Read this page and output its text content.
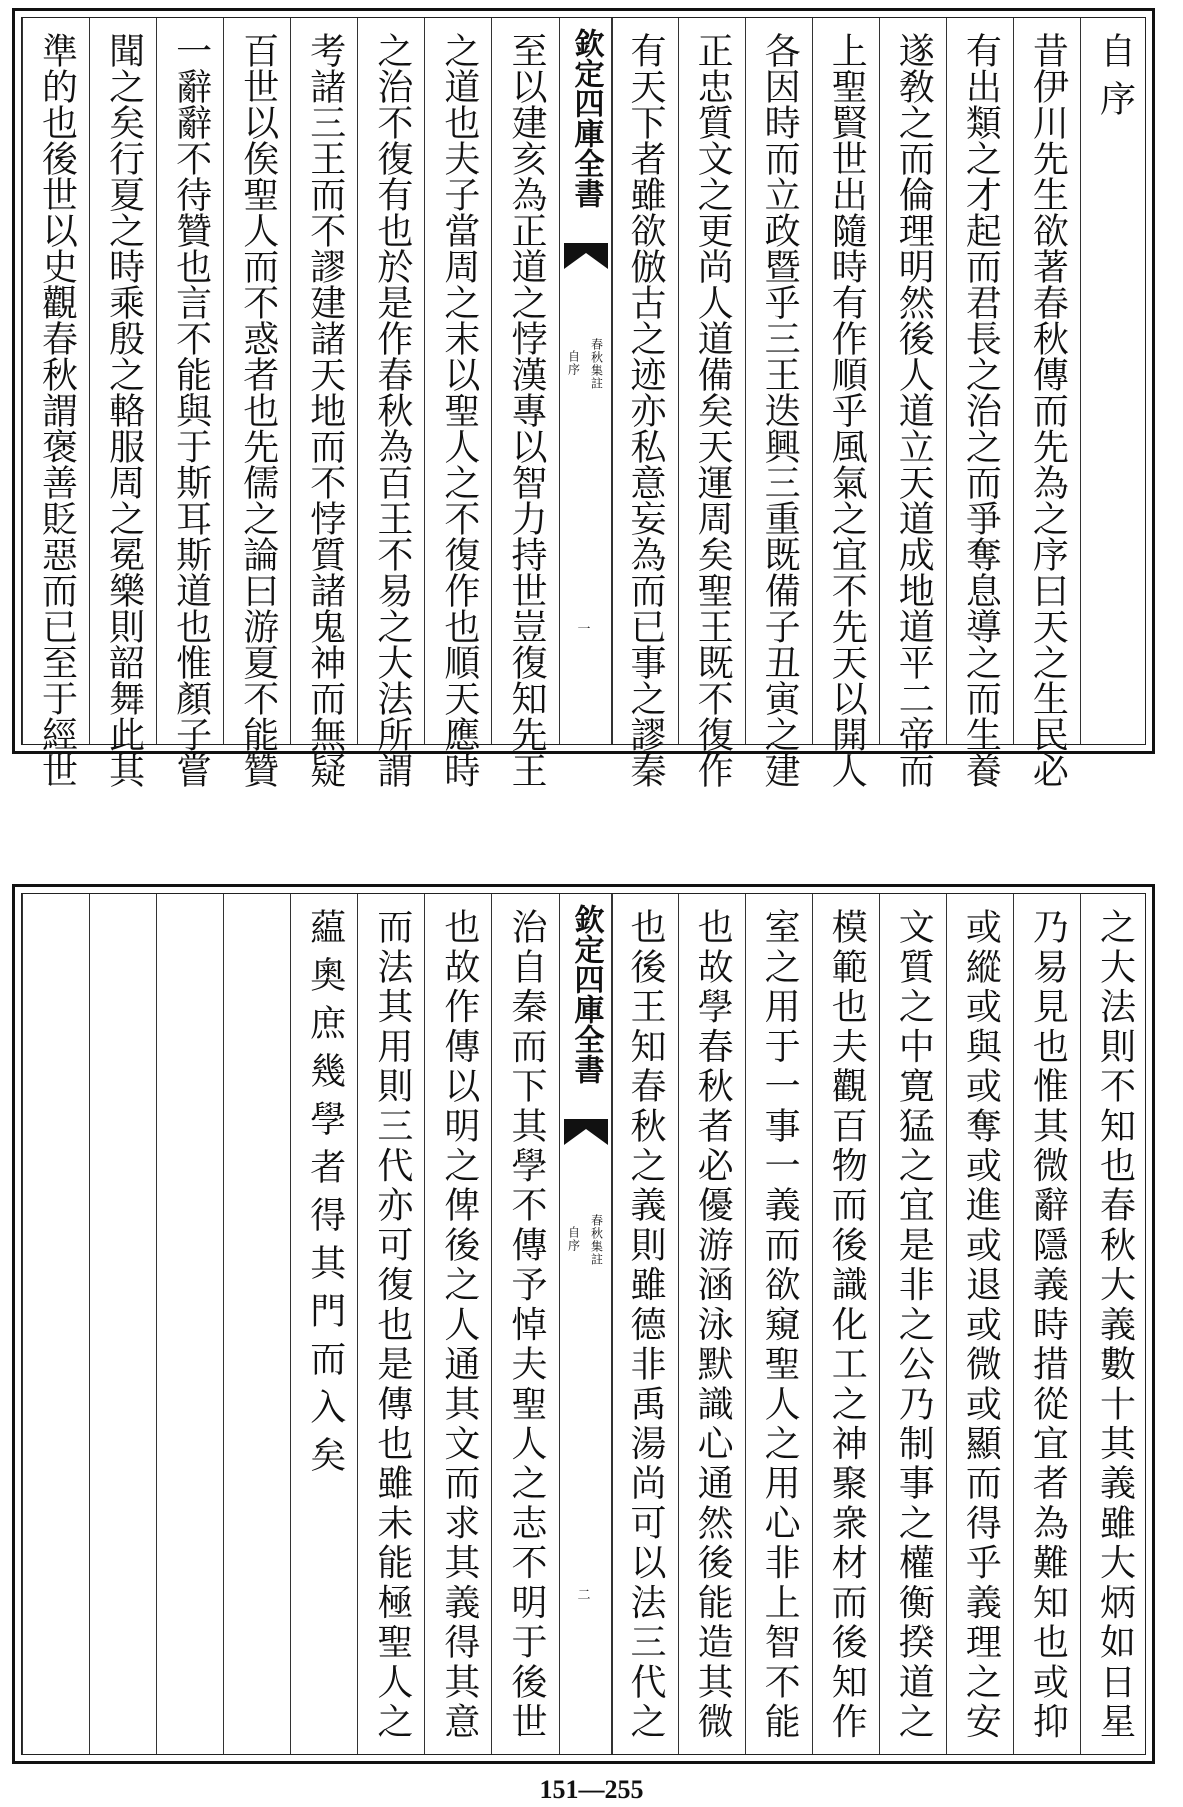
自序
昔伊川先生欲著春秋傳而先為之序曰天之生民必
有出類之才起而君長之治之而爭奪息導之而生養
遂敎之而倫理明然後人道立天道成地道平二帝而
上聖賢世出隨時有作順乎風氣之宜不先天以開人
各因時而立政暨乎三王迭興三重既備子丑寅之建
正忠質文之更尚人道備矣天運周矣聖王既不復作
有天下者雖欲倣古之迹亦私意妄為而已事之謬秦
欽定四庫全書
春秋集註
自序
一
至以建亥為正道之悖漢專以智力持世豈復知先王
之道也夫子當周之末以聖人之不復作也順天應時
之治不復有也於是作春秋為百王不易之大法所謂
考諸三王而不謬建諸天地而不悖質諸鬼神而無疑
百世以俟聖人而不惑者也先儒之論曰游夏不能贊
一辭辭不待贊也言不能與于斯耳斯道也惟顏子嘗
聞之矣行夏之時乘殷之輅服周之冕樂則韶舞此其
準的也後世以史觀春秋謂褒善貶惡而已至于經世
之大法則不知也春秋大義數十其義雖大炳如日星
乃易見也惟其微辭隱義時措從宜者為難知也或抑
或縱或與或奪或進或退或微或顯而得乎義理之安
文質之中寛猛之宜是非之公乃制事之權衡揆道之
模範也夫觀百物而後識化工之神聚衆材而後知作
室之用于一事一義而欲窺聖人之用心非上智不能
也故學春秋者必優游涵泳默識心通然後能造其微
也後王知春秋之義則雖德非禹湯尚可以法三代之
欽定四庫全書
春秋集註
自序
二
治自秦而下其學不傳予悼夫聖人之志不明于後世
也故作傳以明之俾後之人通其文而求其義得其意
而法其用則三代亦可復也是傳也雖未能極聖人之
藴奧庶幾學者得其門而入矣
151—255
